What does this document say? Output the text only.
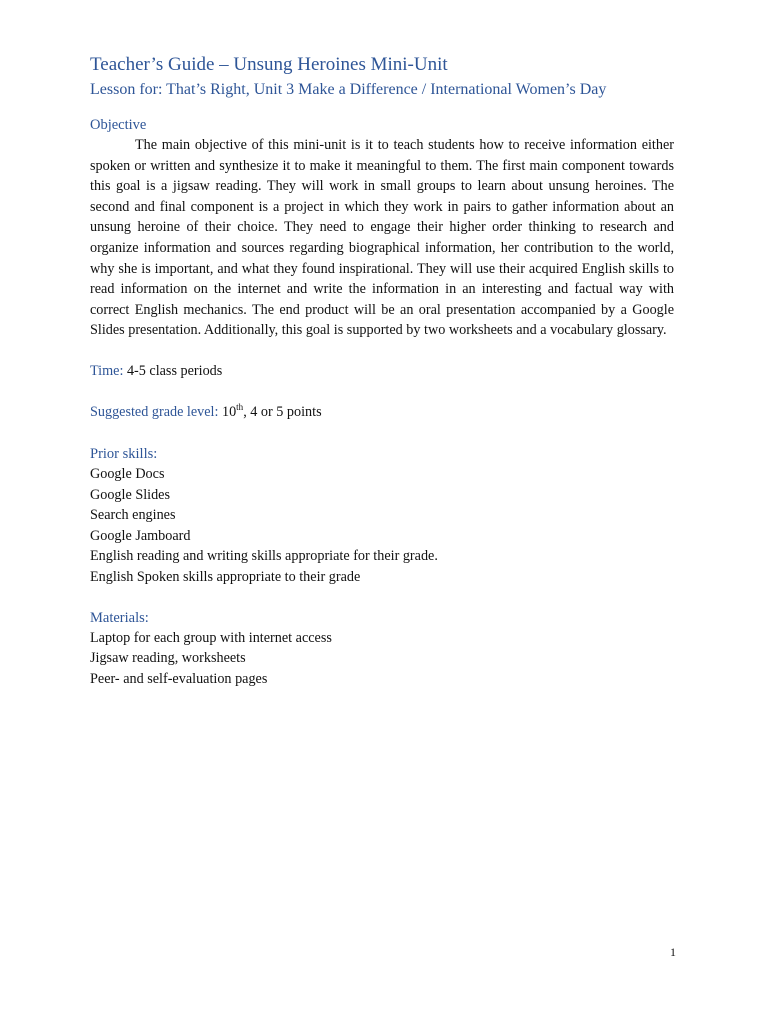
Teacher’s Guide – Unsung Heroines Mini-Unit
Lesson for: That’s Right, Unit 3 Make a Difference / International Women’s Day
Objective

The main objective of this mini-unit is it to teach students how to receive information either spoken or written and synthesize it to make it meaningful to them. The first main component towards this goal is a jigsaw reading. They will work in small groups to learn about unsung heroines. The second and final component is a project in which they work in pairs to gather information about an unsung heroine of their choice. They need to engage their higher order thinking to research and organize information and sources regarding biographical information, her contribution to the world, why she is important, and what they found inspirational. They will use their acquired English skills to read information on the internet and write the information in an interesting and factual way with correct English mechanics. The end product will be an oral presentation accompanied by a Google Slides presentation. Additionally, this goal is supported by two worksheets and a vocabulary glossary.

Time: 4-5 class periods

Suggested grade level: 10th, 4 or 5 points

Prior skills:
Google Docs
Google Slides
Search engines
Google Jamboard
English reading and writing skills appropriate for their grade.
English Spoken skills appropriate to their grade
Materials:
Laptop for each group with internet access
Jigsaw reading, worksheets
Peer- and self-evaluation pages
1
